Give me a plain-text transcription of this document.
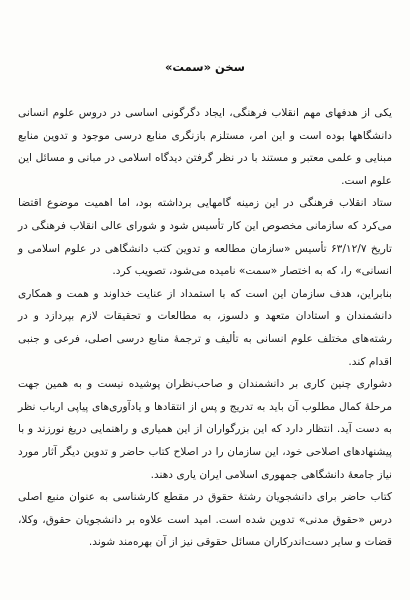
سخن «سمت»

یکی از هدفهای مهم انقلاب فرهنگی، ایجاد دگرگونی اساسی در دروس علوم انسانی دانشگاهها بوده است و این امر، مستلزم بازنگری منابع درسی موجود و تدوین منابع مبنایی و علمی معتبر و مستند با در نظر گرفتن دیدگاه اسلامی در مبانی و مسائل این علوم است.

ستاد انقلاب فرهنگی در این زمینه گامهایی برداشته بود، اما اهمیت موضوع اقتضا می‌کرد که سازمانی مخصوص این کار تأسیس شود و شورای عالی انقلاب فرهنگی در تاریخ ۶۳/۱۲/۷ تأسیس «سازمان مطالعه و تدوین کتب دانشگاهی در علوم اسلامی و انسانی» را، که به اختصار «سمت» نامیده می‌شود، تصویب کرد.

بنابراین، هدف سازمان این است که با استمداد از عنایت خداوند و همت و همکاری دانشمندان و استادان متعهد و دلسوز، به مطالعات و تحقیقات لازم بپردازد و در رشته‌های مختلف علوم انسانی به تألیف و ترجمهٔ منابع درسی اصلی، فرعی و جنبی اقدام کند.

دشواری چنین کاری بر دانشمندان و صاحب‌نظران پوشیده نیست و به همین جهت مرحلهٔ کمال مطلوب آن باید به تدریج و پس از انتقادها و یادآوری‌های پیاپی ارباب نظر به دست آید. انتظار دارد که این بزرگواران از این همیاری و راهنمایی دریغ نورزند و با پیشنهادهای اصلاحی خود، این سازمان را در اصلاح کتاب حاضر و تدوین دیگر آثار مورد نیاز جامعهٔ دانشگاهی جمهوری اسلامی ایران یاری دهند.

کتاب حاضر برای دانشجویان رشتهٔ حقوق در مقطع کارشناسی به عنوان منبع اصلی درس «حقوق مدنی» تدوین شده است. امید است علاوه بر دانشجویان حقوق، وکلا، قضات و سایر دست‌اندرکاران مسائل حقوقی نیز از آن بهره‌مند شوند.
